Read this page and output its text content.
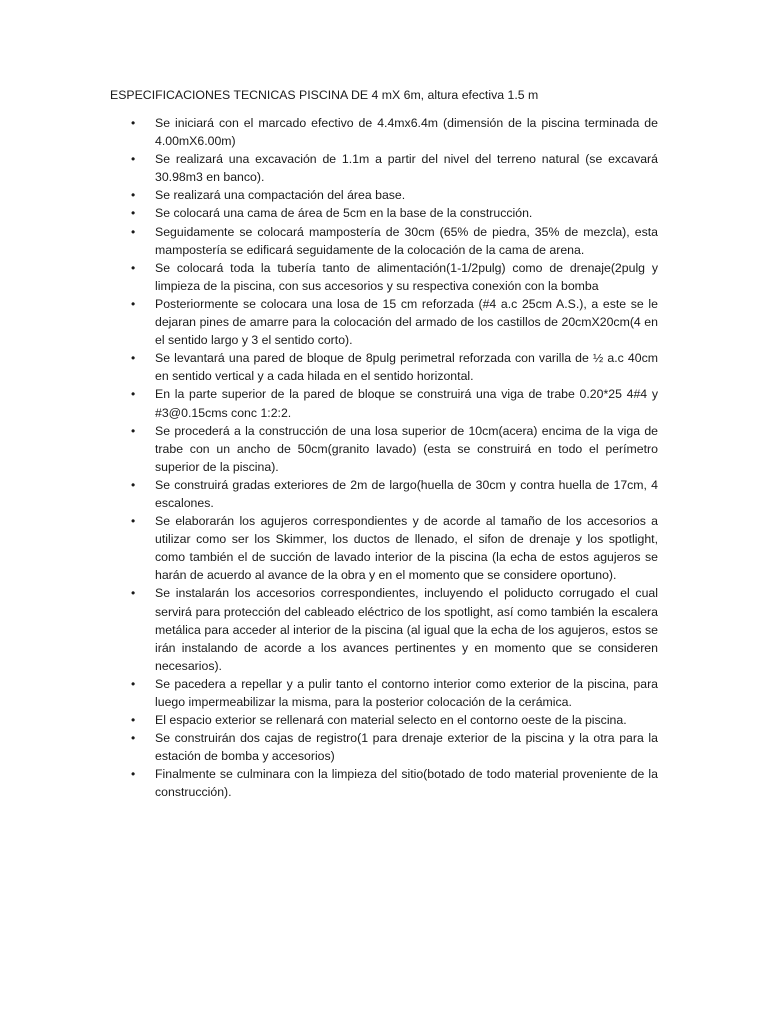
ESPECIFICACIONES TECNICAS PISCINA DE 4 mX 6m, altura efectiva 1.5 m

•	Se iniciará con el marcado efectivo de 4.4mx6.4m (dimensión de la piscina terminada de 4.00mX6.00m)
•	Se realizará una excavación de 1.1m a partir del nivel del terreno natural (se excavará 30.98m3 en banco).
•	Se realizará una compactación del área base.
•	Se colocará una cama de área de 5cm en la base de la construcción.
•	Seguidamente se colocará mampostería de 30cm (65% de piedra, 35% de mezcla), esta mampostería se edificará seguidamente de la colocación de la cama de arena.
•	Se colocará toda la tubería tanto de alimentación(1-1/2pulg) como de drenaje(2pulg y limpieza de la piscina, con sus accesorios y su respectiva conexión con la bomba
•	Posteriormente se colocara una losa de 15 cm reforzada (#4 a.c 25cm A.S.), a este se le dejaran pines de amarre para la colocación del armado de los castillos de 20cmX20cm(4 en el sentido largo y 3 el sentido corto).
•	Se levantará una pared de bloque de 8pulg perimetral reforzada con varilla de ½ a.c 40cm en sentido vertical y a cada hilada en el sentido horizontal.
•	En la parte superior de la pared de bloque se construirá una viga de trabe 0.20*25 4#4 y #3@0.15cms conc 1:2:2.
•	Se procederá a la construcción de una losa superior de 10cm(acera) encima de la viga de trabe con un ancho de 50cm(granito lavado) (esta se construirá en todo el perímetro superior de la piscina).
•	Se construirá gradas exteriores de 2m de largo(huella de 30cm y contra huella de 17cm, 4 escalones.
•	Se elaborarán los agujeros correspondientes y de acorde al tamaño de los accesorios a utilizar como ser los Skimmer, los ductos de llenado, el sifon de drenaje y los spotlight, como también el de succión de lavado interior de la piscina (la echa de estos agujeros se harán de acuerdo al avance de la obra y en el momento que se considere oportuno).
•	Se instalarán los accesorios correspondientes, incluyendo el poliducto corrugado el cual servirá para protección del cableado eléctrico de los spotlight, así como también la escalera metálica para acceder al interior de la piscina (al igual que la echa de los agujeros, estos se irán instalando de acorde a los avances pertinentes y en momento que se consideren necesarios).
•	Se pacedera a repellar y a pulir tanto el contorno interior como exterior de la piscina, para luego impermeabilizar la misma, para la posterior colocación de la cerámica.
•	El espacio exterior se rellenará con material selecto en el contorno oeste de la piscina.
•	Se construirán dos cajas de registro(1 para drenaje exterior de la piscina y la otra para la estación de bomba y accesorios)
•	Finalmente se culminara con la limpieza del sitio(botado de todo material proveniente de la construcción).
